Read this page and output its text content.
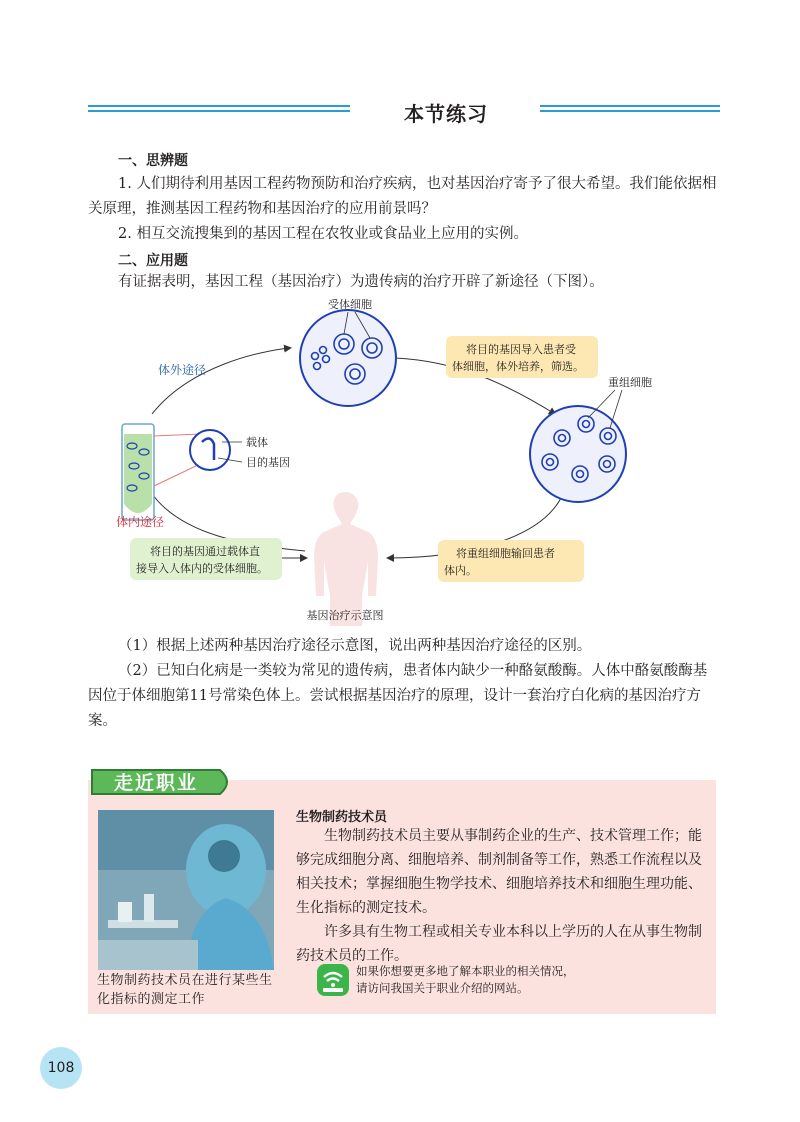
本节练习
一、思辨题
1. 人们期待利用基因工程药物预防和治疗疾病，也对基因治疗寄予了很大希望。我们能依据相关原理，推测基因工程药物和基因治疗的应用前景吗？
2. 相互交流搜集到的基因工程在农牧业或食品业上应用的实例。
二、应用题
有证据表明，基因工程（基因治疗）为遗传病的治疗开辟了新途径（下图）。
受体细胞
体外途径
将目的基因导入患者受
体细胞，体外培养，筛选。
重组细胞
载体
目的基因
体内途径
将重组细胞输回患者
体内。
将目的基因通过载体直
接导入人体内的受体细胞。
基因治疗示意图
（1）根据上述两种基因治疗途径示意图，说出两种基因治疗途径的区别。
（2）已知白化病是一类较为常见的遗传病，患者体内缺少一种酪氨酸酶。人体中酪氨酸酶基因位于体细胞第11号常染色体上。尝试根据基因治疗的原理，设计一套治疗白化病的基因治疗方案。
走近职业
生物制药技术员在进行某些生化指标的测定工作
生物制药技术员

生物制药技术员主要从事制药企业的生产、技术管理工作；能够完成细胞分离、细胞培养、制剂制备等工作，熟悉工作流程以及相关技术；掌握细胞生物学技术、细胞培养技术和细胞生理功能、生化指标的测定技术。

许多具有生物工程或相关专业本科以上学历的人在从事生物制药技术员的工作。

如果你想要更多地了解本职业的相关情况，
请访问我国关于职业介绍的网站。
108
